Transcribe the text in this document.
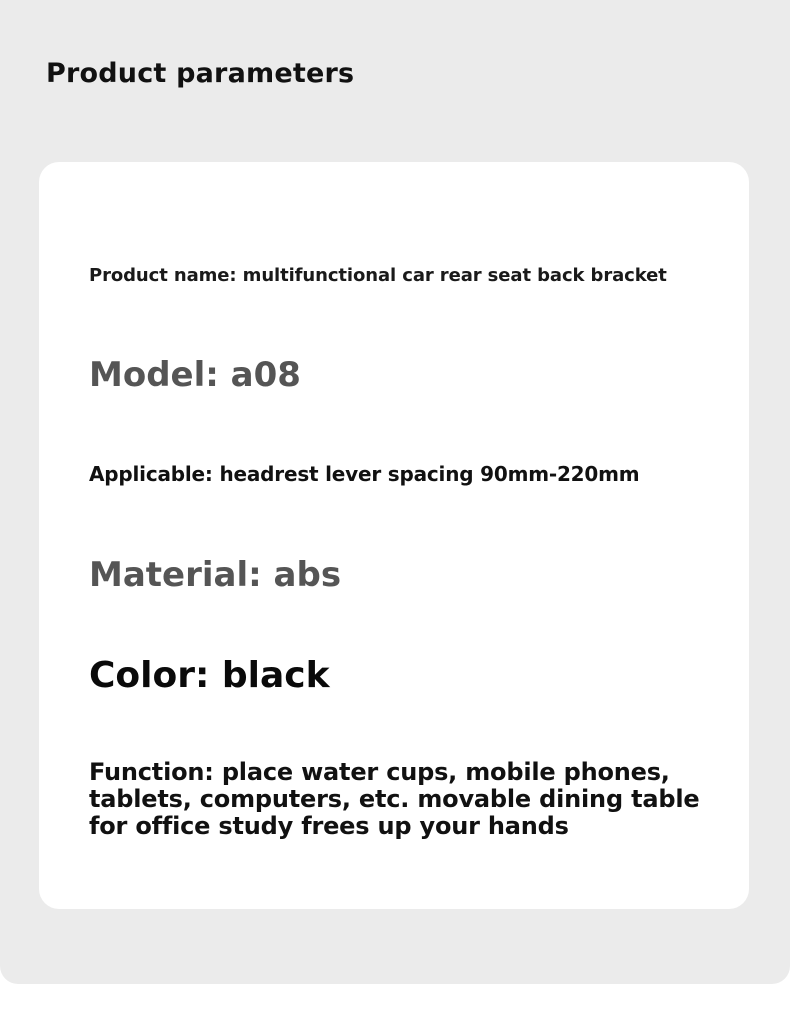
Product parameters
Product name: multifunctional car rear seat back bracket
Model: a08
Applicable: headrest lever spacing 90mm-220mm
Material: abs
Color: black
Function: place water cups, mobile phones, tablets, computers, etc. movable dining table for office study frees up your hands
